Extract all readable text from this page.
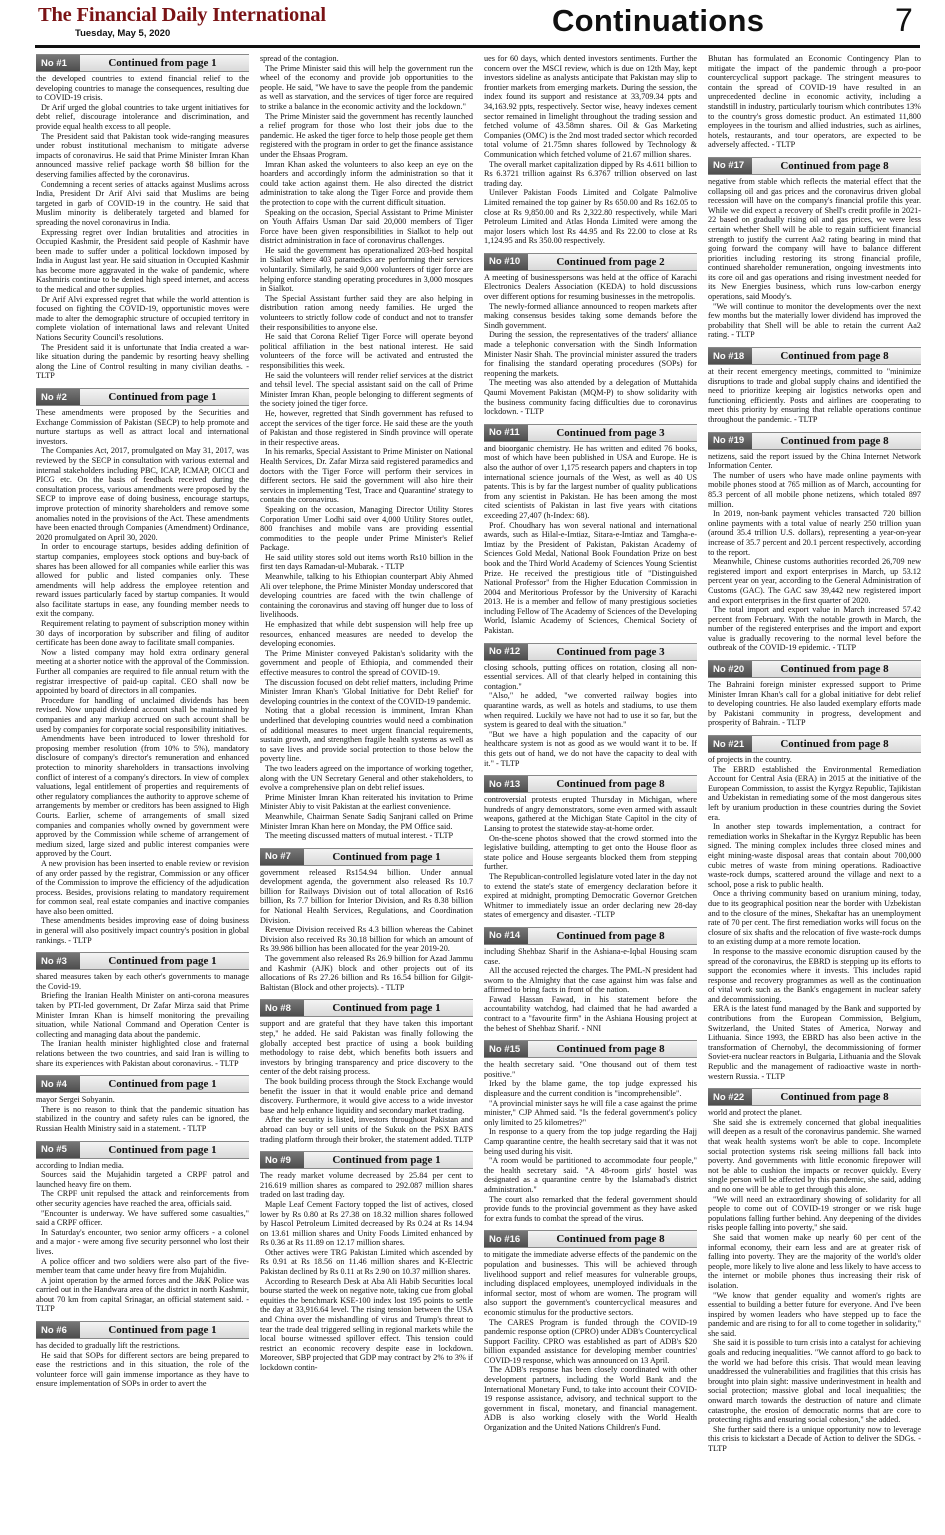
The Financial Daily International
Tuesday, May 5, 2020	Continuations	7
No #1	Continued from page 1

the developed countries to extend financial relief to the developing countries to manage the consequences, resulting due to COVID-19 crisis.

Dr Arif urged the global countries to take urgent initiatives for debt relief, discourage intolerance and discrimination, and provide equal health excess to all people.

The President said that Pakistan took wide-ranging measures under robust institutional mechanism to mitigate adverse impacts of coronavirus. He said that Prime Minister Imran Khan announced massive relief package worth $8 billion for the deserving families affected by the coronavirus.

Condemning a recent series of attacks against Muslims across India, President Dr Arif Alvi said that Muslims are being targeted in garb of COVID-19 in the country. He said that Muslim minority is deliberately targeted and blamed for spreading the novel coronavirus in India.

Expressing regret over Indian brutalities and atrocities in Occupied Kashmir, the President said people of Kashmir have been made to suffer under a political lockdown imposed by India in August last year. He said situation in Occupied Kashmir has become more aggravated in the wake of pandemic, where Kashmiris continue to be denied high speed internet, and access to the medical and other supplies.

Dr Arif Alvi expressed regret that while the world attention is focused on fighting the COVID-19, opportunistic moves were made to alter the demographic structure of occupied territory in complete violation of international laws and relevant United Nations Security Council's resolutions.

The President said it is unfortunate that India created a war-like situation during the pandemic by resorting heavy shelling along the Line of Control resulting in many civilian deaths. - TLTP

No #2	Continued from page 1

These amendments were proposed by the Securities and Exchange Commission of Pakistan (SECP) to help promote and nurture startups as well as attract local and international investors.

The Companies Act, 2017, promulgated on May 31, 2017, was reviewed by the SECP in consultation with various external and internal stakeholders including PBC, ICAP, ICMAP, OICCI and PICG etc. On the basis of feedback received during the consultation process, various amendments were proposed by the SECP to improve ease of doing business, encourage startups, improve protection of minority shareholders and remove some anomalies noted in the provisions of the Act. These amendments have been enacted through Companies (Amendment) Ordinance, 2020 promulgated on April 30, 2020.

In order to encourage startups, besides adding definition of startup companies, employees stock options and buy-back of shares has been allowed for all companies while earlier this was allowed for public and listed companies only. These amendments will help address the employee retention and reward issues particularly faced by startup companies. It would also facilitate startups in ease, any founding member needs to exit the company.

Requirement relating to payment of subscription money within 30 days of incorporation by subscriber and filing of auditor certificate has been done away to facilitate small companies.

Now a listed company may hold extra ordinary general meeting at a shorter notice with the approval of the Commission. Further all companies are required to file annual return with the registrar irrespective of paid-up capital. CEO shall now be appointed by board of directors in all companies.

Procedure for handling of unclaimed dividends has been revised. Now unpaid dividend account shall be maintained by companies and any markup accrued on such account shall be used by companies for corporate social responsibility initiatives.

Amendments have been introduced to lower threshold for proposing member resolution (from 10% to 5%), mandatory disclosure of company's director's remuneration and enhanced protection to minority shareholders in transactions involving conflict of interest of a company's directors. In view of complex valuations, legal entitlement of properties and requirements of other regulatory compliances the authority to approve scheme of arrangements by member or creditors has been assigned to High Courts. Earlier, scheme of arrangements of small sized companies and companies wholly owned by government were approved by the Commission while scheme of arrangement of medium sized, large sized and public interest companies were approved by the Court.

A new provision has been inserted to enable review or revision of any order passed by the registrar, Commission or any officer of the Commission to improve the efficiency of the adjudication process. Besides, provisions relating to mandatory requirement for common seal, real estate companies and inactive companies have also been omitted.

These amendments besides improving ease of doing business in general will also positively impact country's position in global rankings. - TLTP

No #3	Continued from page 1

shared measures taken by each other's governments to manage the Covid-19.

Briefing the Iranian Health Minister on anti-corona measures taken by PTI-led government, Dr Zafar Mirza said that Prime Minister Imran Khan is himself monitoring the prevailing situation, while National Command and Operation Center is collecting and managing data about the pandemic.

The Iranian health minister highlighted close and fraternal relations between the two countries, and said Iran is willing to share its experiences with Pakistan about coronavirus. - TLTP

No #4	Continued from page 1

mayor Sergei Sobyanin.

There is no reason to think that the pandemic situation has stabilized in the country and safety rules can be ignored, the Russian Health Ministry said in a statement. - TLTP

No #5	Continued from page 1

according to Indian media.

Sources said the Mujahidin targeted a CRPF patrol and launched heavy fire on them.

The CRPF unit repulsed the attack and reinforcements from other security agencies have reached the area, officials said.

"Encounter is underway. We have suffered some casualties," said a CRPF officer.

In Saturday's encounter, two senior army officers - a colonel and a major - were among five security personnel who lost their lives.

A police officer and two soldiers were also part of the five-member team that came under heavy fire from Mujahidin.

A joint operation by the armed forces and the J&K Police was carried out in the Handwara area of the district in north Kashmir, about 70 km from capital Srinagar, an official statement said. - TLTP

No #6	Continued from page 1

has decided to gradually lift the restrictions.

He said that SOPs for different sectors are being prepared to ease the restrictions and in this situation, the role of the volunteer force will gain immense importance as they have to ensure implementation of SOPs in order to avert the

spread of the contagion.

The Prime Minister said this will help the government run the wheel of the economy and provide job opportunities to the people. He said, "We have to save the people from the pandemic as well as starvation, and the services of tiger force are required to strike a balance in the economic activity and the lockdown."

The Prime Minister said the government has recently launched a relief program for those who lost their jobs due to the pandemic. He asked the tiger force to help those people get them registered with the program in order to get the finance assistance under the Ehsaas Program.

Imran Khan asked the volunteers to also keep an eye on the hoarders and accordingly inform the administration so that it could take action against them. He also directed the district administration to take along the Tiger Force and provide them the protection to cope with the current difficult situation.

Speaking on the occasion, Special Assistant to Prime Minister on Youth Affairs Usman Dar said 20,000 members of Tiger Force have been given responsibilities in Sialkot to help out district administration in face of coronavirus challenges.

He said the government has operationalized 203-bed hospital in Sialkot where 403 paramedics are performing their services voluntarily. Similarly, he said 9,000 volunteers of tiger force are helping enforce standing operating procedures in 3,000 mosques in Sialkot.

The Special Assistant further said they are also helping in distribution ration among needy families. He urged the volunteers to strictly follow code of conduct and not to transfer their responsibilities to anyone else.

He said that Corona Relief Tiger Force will operate beyond political affiliation in the best national interest. He said volunteers of the force will be activated and entrusted the responsibilities this week.

He said the volunteers will render relief services at the district and tehsil level. The special assistant said on the call of Prime Minister Imran Khan, people belonging to different segments of the society joined the tiger force.

He, however, regretted that Sindh government has refused to accept the services of the tiger force. He said these are the youth of Pakistan and those registered in Sindh province will operate in their respective areas.

In his remarks, Special Assistant to Prime Minister on National Health Services, Dr. Zafar Mirza said registered paramedics and doctors with the Tiger Force will perform their services in different sectors. He said the government will also hire their services in implementing 'Test, Trace and Quarantine' strategy to contain the coronavirus.

Speaking on the occasion, Managing Director Utility Stores Corporation Umer Lodhi said over 4,000 Utility Stores outlet, 800 franchises and mobile vans are providing essential commodities to the people under Prime Minister's Relief Package.

He said utility stores sold out items worth Rs10 billion in the first ten days Ramadan-ul-Mubarak. - TLTP

Meanwhile, talking to his Ethiopian counterpart Abiy Ahmed Ali over telephone, the Prime Minister Monday underscored that developing countries are faced with the twin challenge of containing the coronavirus and staving off hunger due to loss of livelihoods.

He emphasized that while debt suspension will help free up resources, enhanced measures are needed to develop the developing economies.

The Prime Minister conveyed Pakistan's solidarity with the government and people of Ethiopia, and commended their effective measures to control the spread of COVID-19.

The discussion focused on debt relief matters, including Prime Minister Imran Khan's 'Global Initiative for Debt Relief' for developing countries in the context of the COVID-19 pandemic.

Noting that a global recession is imminent, Imran Khan underlined that developing countries would need a combination of additional measures to meet urgent financial requirements, sustain growth, and strengthen fragile health systems as well as to save lives and provide social protection to those below the poverty line.

The two leaders agreed on the importance of working together, along with the UN Secretary General and other stakeholders, to evolve a comprehensive plan on debt relief issues.

Prime Minister Imran Khan reiterated his invitation to Prime Minister Abiy to visit Pakistan at the earliest convenience.

Meanwhile, Chairman Senate Sadiq Sanjrani called on Prime Minister Imran Khan here on Monday, the PM Office said.

The meeting discussed matters of mutual interest. - TLTP

No #7	Continued from page 1

government released Rs154.94 billion. Under annual development agenda, the government also released Rs 10.7 billion for Railways Division out of total allocation of Rs16 billion, Rs 7.7 billion for Interior Division, and Rs 8.38 billion for National Health Services, Regulations, and Coordination Division.

Revenue Division received Rs 4.3 billion whereas the Cabinet Division also received Rs 30.18 billion for which an amount of Rs 39.986 billion has been allocated for the year 2019-20.

The government also released Rs 26.9 billion for Azad Jammu and Kashmir (AJK) block and other projects out of its allocations of Rs 27.26 billion and Rs 16.54 billion for Gilgit-Baltistan (Block and other projects). - TLTP

No #8	Continued from page 1

support and are grateful that they have taken this important step," he added. He said Pakistan was finally following the globally accepted best practice of using a book building methodology to raise debt, which benefits both issuers and investors by bringing transparency and price discovery to the center of the debt raising process.

The book building process through the Stock Exchange would benefit the issuer in that it would enable price and demand discovery. Furthermore, it would give access to a wide investor base and help enhance liquidity and secondary market trading.

After the security is listed, investors throughout Pakistan and abroad can buy or sell units of the Sukuk on the PSX BATS trading platform through their broker, the statement added. TLTP

No #9	Continued from page 1

The ready market volume decreased by 25.84 per cent to 216.619 million shares as compared to 292.087 million shares traded on last trading day.

Maple Leaf Cement Factory topped the list of actives, closed lower by Rs 0.80 at Rs 27.38 on 18.32 million shares followed by Hascol Petroleum Limited decreased by Rs 0.24 at Rs 14.94 on 13.61 million shares and Unity Foods Limited enhanced by Rs 0.36 at Rs 11.89 on 12.17 million shares.

Other actives were TRG Pakistan Limited which ascended by Rs 0.91 at Rs 18.56 on 11.46 million shares and K-Electric Pakistan declined by Rs 0.11 at Rs 2.90 on 10.37 million shares.

According to Research Desk at Aba Ali Habib Securities local bourse started the week on negative note, taking cue from global equities the benchmark KSE-100 index lost 195 points to settle the day at 33,916.64 level. The rising tension between the USA and China over the mishandling of virus and Trump's threat to tear the trade deal triggered selling in regional markets while the local bourse witnessed spillover effect. This tension could restrict an economic recovery despite ease in lockdown. Moreover, SBP projected that GDP may contract by 2% to 3% if lockdown contin-

ues for 60 days, which dented investors sentiments. Further the concern over the MSCI review, which is due on 12th May, kept investors sideline as analysts anticipate that Pakistan may slip to frontier markets from emerging markets. During the session, the index found its support and resistance at 33,709.34 ppts and 34,163.92 ppts, respectively. Sector wise, heavy indexes cement sector remained in limelight throughout the trading session and fetched volume of 43.58mn shares. Oil & Gas Marketing Companies (OMC) is the 2nd most traded sector which recorded total volume of 21.75mn shares followed by Technology & Communication which fetched volume of 21.67 million shares.

The overall market capitalization dipped by Rs 4.611 billion to Rs 6.3721 trillion against Rs 6.3767 trillion observed on last trading day.

Unilever Pakistan Foods Limited and Colgate Palmolive Limited remained the top gainer by Rs 650.00 and Rs 162.05 to close at Rs 9,850.00 and Rs 2,322.80 respectively, while Mari Petroleum Limited and Atlas Honda Limited were among the major losers which lost Rs 44.95 and Rs 22.00 to close at Rs 1,124.95 and Rs 350.00 respectively.

No #10	Continued from page 2

A meeting of businesspersons was held at the office of Karachi Electronics Dealers Association (KEDA) to hold discussions over different options for resuming businesses in the metropolis.

The newly-formed alliance announced to reopen markets after making consensus besides taking some demands before the Sindh government.

During the session, the representatives of the traders' alliance made a telephonic conversation with the Sindh Information Minister Nasir Shah. The provincial minister assured the traders for finalising the standard operating procedures (SOPs) for reopening the markets.

The meeting was also attended by a delegation of Muttahida Qaumi Movement Pakistan (MQM-P) to show solidarity with the business community facing difficulties due to coronavirus lockdown. - TLTP

No #11	Continued from page 3

and bioorganic chemistry. He has written and edited 76 books, most of which have been published in USA and Europe. He is also the author of over 1,175 research papers and chapters in top international science journals of the West, as well as 40 US patents. This is by far the largest number of quality publications from any scientist in Pakistan. He has been among the most cited scientists of Pakistan in last five years with citations exceeding 27,407 (h-Index: 68).

Prof. Choudhary has won several national and international awards, such as Hilal-e-Imtiaz, Sitara-e-Imtiaz and Tamgha-e-Imtiaz by the President of Pakistan, Pakistan Academy of Sciences Gold Medal, National Book Foundation Prize on best book and the Third World Academy of Sciences Young Scientist Prize. He received the prestigious title of "Distinguished National Professor" from the Higher Education Commission in 2004 and Meritorious Professor by the University of Karachi 2013. He is a member and fellow of many prestigious societies including Fellow of The Academy of Sciences of the Developing World, Islamic Academy of Sciences, Chemical Society of Pakistan.

No #12	Continued from page 3

closing schools, putting offices on rotation, closing all non-essential services. All of that clearly helped in containing this contagion."

"Also," he added, "we converted railway bogies into quarantine wards, as well as hotels and stadiums, to use them when required. Luckily we have not had to use it so far, but the system is geared to deal with the situation."

"But we have a high population and the capacity of our healthcare system is not as good as we would want it to be. If this gets out of hand, we do not have the capacity to deal with it." - TLTP

No #13	Continued from page 8

controversial protests erupted Thursday in Michigan, where hundreds of angry demonstrators, some even armed with assault weapons, gathered at the Michigan State Capitol in the city of Lansing to protest the statewide stay-at-home order.

On-the-scene photos showed that the crowd stormed into the legislative building, attempting to get onto the House floor as state police and House sergeants blocked them from stepping further.

The Republican-controlled legislature voted later in the day not to extend the state's state of emergency declaration before it expired at midnight, prompting Democratic Governor Gretchen Whitmer to immediately issue an order declaring new 28-day states of emergency and disaster. -TLTP

No #14	Continued from page 8

including Shehbaz Sharif in the Ashiana-e-Iqbal Housing scam case.

All the accused rejected the charges. The PML-N president had sworn to the Almighty that the case against him was false and affirmed to bring facts in front of the nation.

Fawad Hassan Fawad, in his statement before the accountability watchdog, had claimed that he had awarded a contract to a "favourite firm" in the Ashiana Housing project at the behest of Shehbaz Sharif. - NNI

No #15	Continued from page 8

the health secretary said. "One thousand out of them test positive."

Irked by the blame game, the top judge expressed his displeasure and the current condition is "incomprehensible".

"A provincial minister says he will file a case against the prime minister," CJP Ahmed said. "Is the federal government's policy only limited to 25 kilometres?"

In response to a query from the top judge regarding the Hajj Camp quarantine centre, the health secretary said that it was not being used during his visit.

"A room would be partitioned to accommodate four people," the health secretary said. "A 48-room girls' hostel was designated as a quarantine centre by the Islamabad's district administration."

The court also remarked that the federal government should provide funds to the provincial government as they have asked for extra funds to combat the spread of the virus.

No #16	Continued from page 8

to mitigate the immediate adverse effects of the pandemic on the population and businesses. This will be achieved through livelihood support and relief measures for vulnerable groups, including displaced employees, unemployed individuals in the informal sector, most of whom are women. The program will also support the government's countercyclical measures and economic stimulus for the productive sectors.

The CARES Program is funded through the COVID-19 pandemic response option (CPRO) under ADB's Countercyclical Support Facility. CPRO was established as part of ADB's $20 billion expanded assistance for developing member countries' COVID-19 response, which was announced on 13 April.

The ADB's response has been closely coordinated with other development partners, including the World Bank and the International Monetary Fund, to take into account their COVID-19 response assistance, advisory, and technical support to the government in fiscal, monetary, and financial management. ADB is also working closely with the World Health Organization and the United Nations Children's Fund.

Bhutan has formulated an Economic Contingency Plan to mitigate the impact of the pandemic through a pro-poor countercyclical support package. The stringent measures to contain the spread of COVID-19 have resulted in an unprecedented decline in economic activity, including a standstill in industry, particularly tourism which contributes 13% to the country's gross domestic product. An estimated 11,800 employees in the tourism and allied industries, such as airlines, hotels, restaurants, and tour operators, are expected to be adversely affected. - TLTP

No #17	Continued from page 8

negative from stable which reflects the material effect that the collapsing oil and gas prices and the coronavirus driven global recession will have on the company's financial profile this year. While we did expect a recovery of Shell's credit profile in 2021-22 based on gradually rising oil and gas prices, we were less certain whether Shell will be able to regain sufficient financial strength to justify the current Aa2 rating bearing in mind that going forward the company will have to balance different priorities including restoring its strong financial profile, continued shareholder remuneration, ongoing investments into its core oil and gas operations and rising investment needed for its New Energies business, which runs low-carbon energy operations, said Moody's.

"We will continue to monitor the developments over the next few months but the materially lower dividend has improved the probability that Shell will be able to retain the current Aa2 rating. - TLTP

No #18	Continued from page 8

at their recent emergency meetings, committed to "minimize disruptions to trade and global supply chains and identified the need to prioritize keeping air logistics networks open and functioning efficiently. Posts and airlines are cooperating to meet this priority by ensuring that reliable operations continue throughout the pandemic. - TLTP

No #19	Continued from page 8

netizens, said the report issued by the China Internet Network Information Center.

The number of users who have made online payments with mobile phones stood at 765 million as of March, accounting for 85.3 percent of all mobile phone netizens, which totaled 897 million.

In 2019, non-bank payment vehicles transacted 720 billion online payments with a total value of nearly 250 trillion yuan (around 35.4 trillion U.S. dollars), representing a year-on-year increase of 35.7 percent and 20.1 percent respectively, according to the report.

Meanwhile, Chinese customs authorities recorded 26,709 new registered import and export enterprises in March, up 53.12 percent year on year, according to the General Administration of Customs (GAC). The GAC saw 39,442 new registered import and export enterprises in the first quarter of 2020.

The total import and export value in March increased 57.42 percent from February. With the notable growth in March, the number of the registered enterprises and the import and export value is gradually recovering to the normal level before the outbreak of the COVID-19 epidemic. - TLTP

No #20	Continued from page 8

The Bahraini foreign minister expressed support to Prime Minister Imran Khan's call for a global initiative for debt relief to developing countries. He also lauded exemplary efforts made by Pakistani community in progress, development and prosperity of Bahrain. - TLTP

No #21	Continued from page 8

of projects in the country.

The EBRD established the Environmental Remediation Account for Central Asia (ERA) in 2015 at the initiative of the European Commission, to assist the Kyrgyz Republic, Tajikistan and Uzbekistan in remediating some of the most dangerous sites left by uranium production in these countries during the Soviet era.

In another step towards implementation, a contract for remediation works in Shekaftar in the Kyrgyz Republic has been signed. The mining complex includes three closed mines and eight mining-waste disposal areas that contain about 700,000 cubic metres of waste from mining operations. Radioactive waste-rock dumps, scattered around the village and next to a school, pose a risk to public health.

Once a thriving community based on uranium mining, today, due to its geographical position near the border with Uzbekistan and to the closure of the mines, Shekaftar has an unemployment rate of 70 per cent. The first remediation works will focus on the closure of six shafts and the relocation of five waste-rock dumps to an existing dump at a more remote location.

In response to the massive economic disruption caused by the spread of the coronavirus, the EBRD is stepping up its efforts to support the economies where it invests. This includes rapid response and recovery programmes as well as the continuation of vital work such as the Bank's engagement in nuclear safety and decommissioning.

ERA is the latest fund managed by the Bank and supported by contributions from the European Commission, Belgium, Switzerland, the United States of America, Norway and Lithuania. Since 1993, the EBRD has also been active in the transformation of Chernobyl, the decommissioning of former Soviet-era nuclear reactors in Bulgaria, Lithuania and the Slovak Republic and the management of radioactive waste in north-western Russia. - TLTP

No #22	Continued from page 8

world and protect the planet.

She said she is extremely concerned that global inequalities will deepen as a result of the coronavirus pandemic. She warned that weak health systems won't be able to cope. Incomplete social protection systems risk seeing millions fall back into poverty. And governments with little economic firepower will not be able to cushion the impacts or recover quickly. Every single person will be affected by this pandemic, she said, adding and no one will be able to get through this alone.

"We will need an extraordinary showing of solidarity for all people to come out of COVID-19 stronger or we risk huge populations falling further behind. Any deepening of the divides risks people falling into poverty," she said.

She said that women make up nearly 60 per cent of the informal economy, their earn less and are at greater risk of falling into poverty. They are the majority of the world's older people, more likely to live alone and less likely to have access to the internet or mobile phones thus increasing their risk of isolation.

"We know that gender equality and women's rights are essential to building a better future for everyone. And I've been inspired by women leaders who have stepped up to face the pandemic and are rising to for all to come together in solidarity," she said.

She said it is possible to turn crisis into a catalyst for achieving goals and reducing inequalities. "We cannot afford to go back to the world we had before this crisis. That would mean leaving unaddressed the vulnerabilities and fragilities that this crisis has brought into plain sight: massive underinvestment in health and social protection; massive global and local inequalities; the onward march towards the destruction of nature and climate catastrophe, the erosion of democratic norms that are core to protecting rights and ensuring social cohesion," she added.

She further said there is a unique opportunity now to leverage this crisis to kickstart a Decade of Action to deliver the SDGs. - TLTP
